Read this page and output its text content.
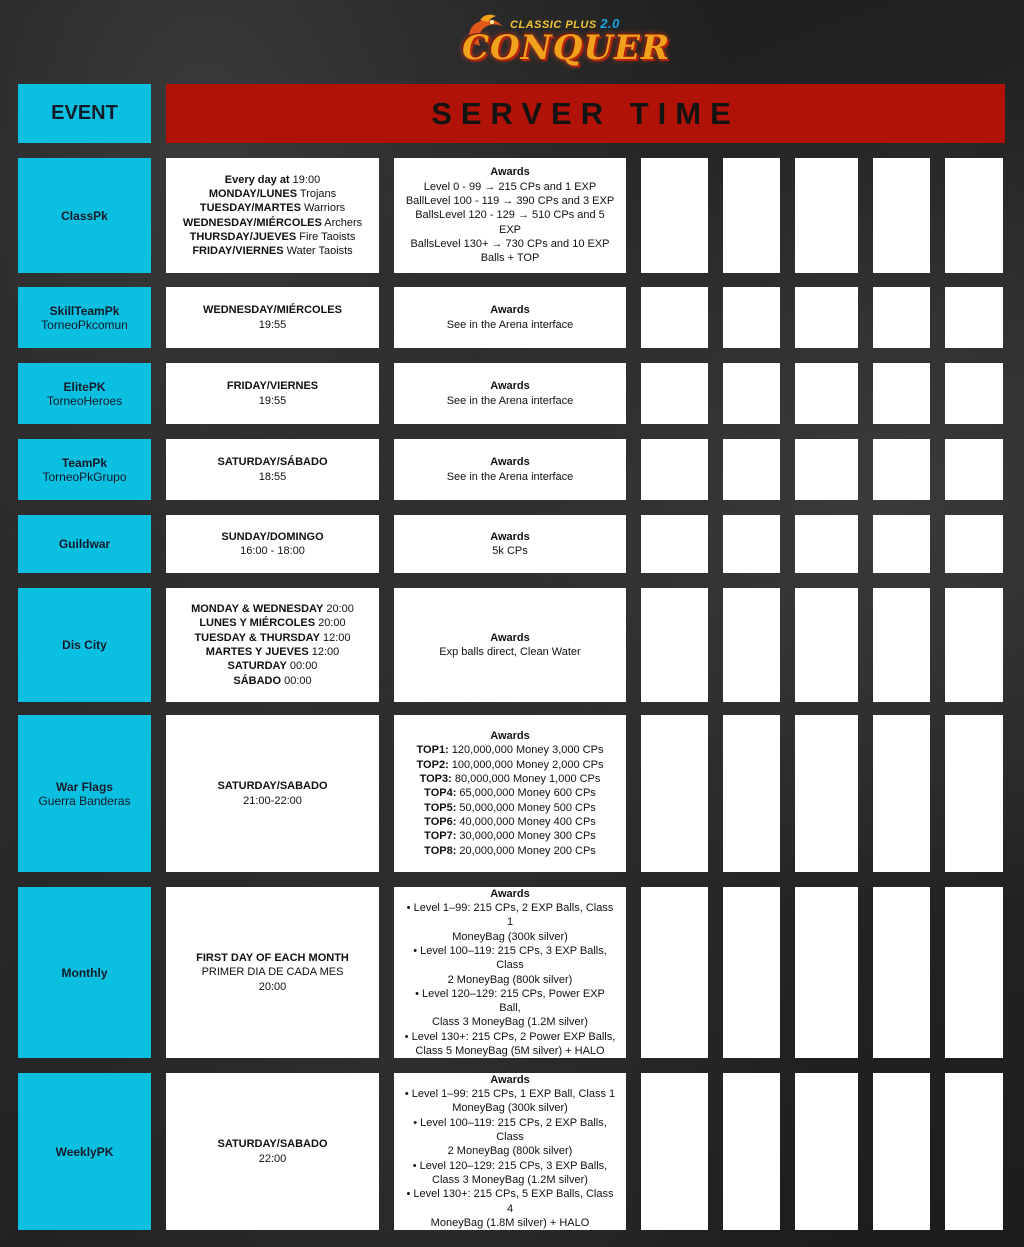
CLASSIC PLUS 2.0
CONQUER
EVENT	SERVER TIME
ClassPk
Every day at 19:00
MONDAY/LUNES Trojans
TUESDAY/MARTES Warriors
WEDNESDAY/MIÉRCOLES Archers
THURSDAY/JUEVES Fire Taoists
FRIDAY/VIERNES Water Taoists
Awards
Level 0 - 99 → 215 CPs and 1 EXP
BallLevel 100 - 119 → 390 CPs and 3 EXP
BallsLevel 120 - 129 → 510 CPs and 5 EXP
BallsLevel 130+ → 730 CPs and 10 EXP
Balls + TOP
SkillTeamPk
TorneoPkcomun
WEDNESDAY/MIÉRCOLES
19:55
Awards
See in the Arena interface
ElitePK
TorneoHeroes
FRIDAY/VIERNES
19:55
Awards
See in the Arena interface
TeamPk
TorneoPkGrupo
SATURDAY/SÁBADO
18:55
Awards
See in the Arena interface
Guildwar
SUNDAY/DOMINGO
16:00 - 18:00
Awards
5k CPs
Dis City
MONDAY & WEDNESDAY 20:00
LUNES Y MIÉRCOLES 20:00
TUESDAY & THURSDAY 12:00
MARTES Y JUEVES 12:00
SATURDAY 00:00
SÁBADO 00:00
Awards
Exp balls direct, Clean Water
War Flags
Guerra Banderas
SATURDAY/SABADO
21:00-22:00
Awards
TOP1: 120,000,000 Money 3,000 CPs
TOP2: 100,000,000 Money 2,000 CPs
TOP3: 80,000,000 Money 1,000 CPs
TOP4: 65,000,000 Money 600 CPs
TOP5: 50,000,000 Money 500 CPs
TOP6: 40,000,000 Money 400 CPs
TOP7: 30,000,000 Money 300 CPs
TOP8: 20,000,000 Money 200 CPs
Monthly
FIRST DAY OF EACH MONTH
PRIMER DIA DE CADA MES
20:00
Awards
• Level 1–99: 215 CPs, 2 EXP Balls, Class 1
MoneyBag (300k silver)
• Level 100–119: 215 CPs, 3 EXP Balls, Class
2 MoneyBag (800k silver)
• Level 120–129: 215 CPs, Power EXP Ball,
Class 3 MoneyBag (1.2M silver)
• Level 130+: 215 CPs, 2 Power EXP Balls,
Class 5 MoneyBag (5M silver) + HALO
WeeklyPK
SATURDAY/SABADO
22:00
Awards
• Level 1–99: 215 CPs, 1 EXP Ball, Class 1
MoneyBag (300k silver)
• Level 100–119: 215 CPs, 2 EXP Balls, Class
2 MoneyBag (800k silver)
• Level 120–129: 215 CPs, 3 EXP Balls,
Class 3 MoneyBag (1.2M silver)
• Level 130+: 215 CPs, 5 EXP Balls, Class 4
MoneyBag (1.8M silver) + HALO
